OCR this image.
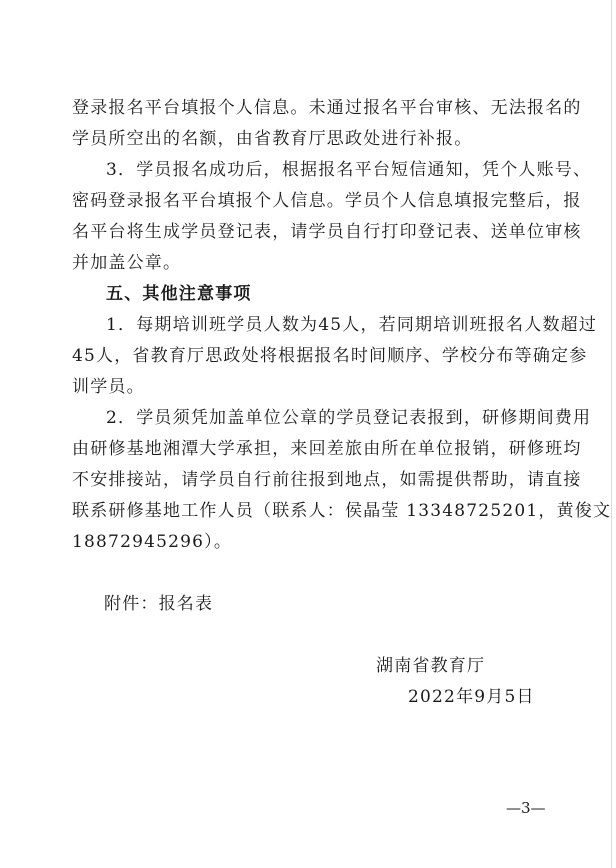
登录报名平台填报个人信息。未通过报名平台审核、无法报名的
学员所空出的名额，由省教育厅思政处进行补报。
3．学员报名成功后，根据报名平台短信通知，凭个人账号、
密码登录报名平台填报个人信息。学员个人信息填报完整后，报
名平台将生成学员登记表，请学员自行打印登记表、送单位审核
并加盖公章。
五、其他注意事项
1．每期培训班学员人数为45人，若同期培训班报名人数超过
45人，省教育厅思政处将根据报名时间顺序、学校分布等确定参
训学员。
2．学员须凭加盖单位公章的学员登记表报到，研修期间费用
由研修基地湘潭大学承担，来回差旅由所在单位报销，研修班均
不安排接站，请学员自行前往报到地点，如需提供帮助，请直接
联系研修基地工作人员（联系人：侯晶莹 13348725201，黄俊文
18872945296）。
附件：报名表
湖南省教育厅
2022年9月5日
—3—
